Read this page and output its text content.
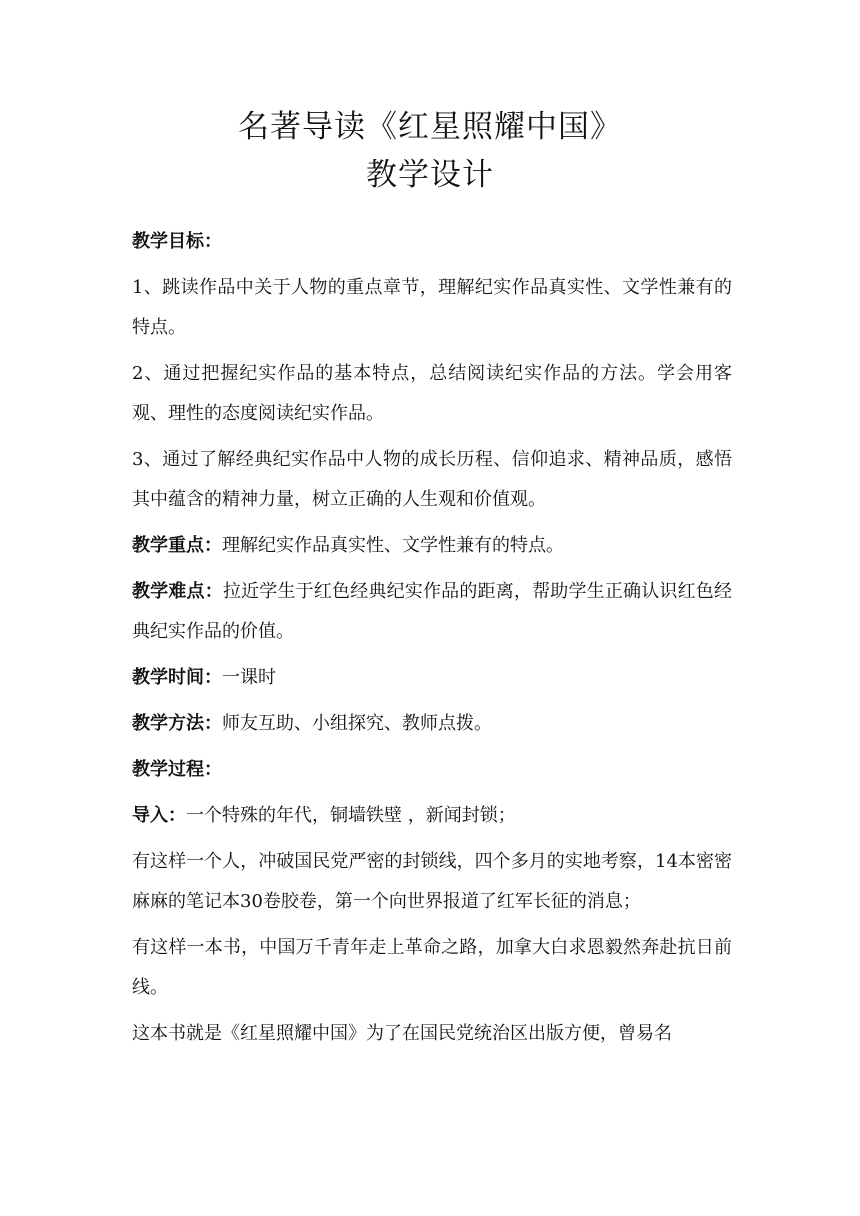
名著导读《红星照耀中国》
教学设计

教学目标：

1、跳读作品中关于人物的重点章节，理解纪实作品真实性、文学性兼有的特点。

2、通过把握纪实作品的基本特点，总结阅读纪实作品的方法。学会用客观、理性的态度阅读纪实作品。

3、通过了解经典纪实作品中人物的成长历程、信仰追求、精神品质，感悟其中蕴含的精神力量，树立正确的人生观和价值观。

教学重点：理解纪实作品真实性、文学性兼有的特点。

教学难点：拉近学生于红色经典纪实作品的距离，帮助学生正确认识红色经典纪实作品的价值。

教学时间：一课时

教学方法：师友互助、小组探究、教师点拨。

教学过程：

导入：一个特殊的年代，铜墙铁壁 ，新闻封锁；

有这样一个人，冲破国民党严密的封锁线，四个多月的实地考察，14本密密麻麻的笔记本30卷胶卷，第一个向世界报道了红军长征的消息；

有这样一本书，中国万千青年走上革命之路，加拿大白求恩毅然奔赴抗日前线。

这本书就是《红星照耀中国》为了在国民党统治区出版方便，曾易名
